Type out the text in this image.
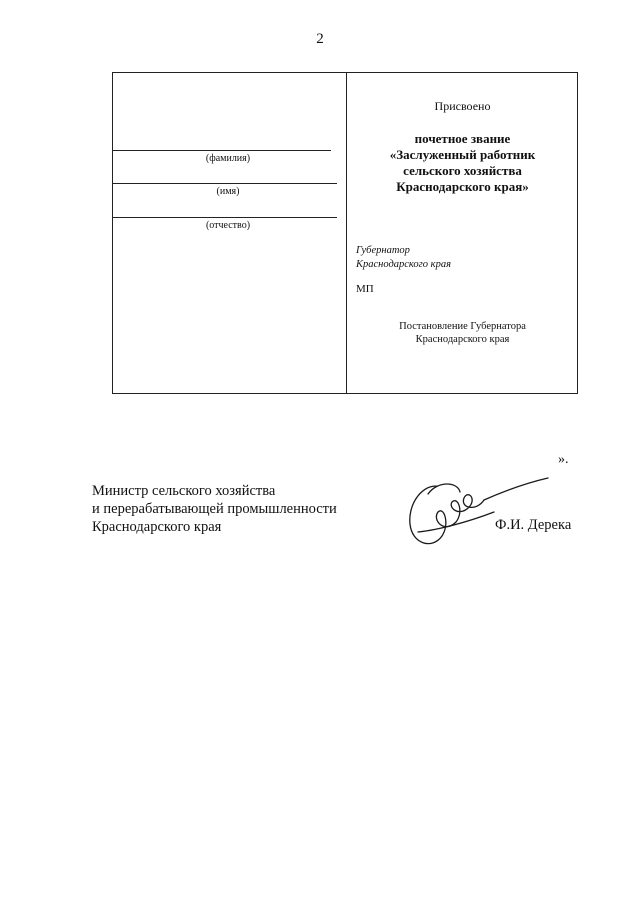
2
(фамилия)
(имя)
(отчество)
Присвоено
почетное звание
«Заслуженный работник
сельского хозяйства
Краснодарского края»
Губернатор
Краснодарского края
МП
Постановление Губернатора
Краснодарского края
».
Министр сельского хозяйства
и перерабатывающей промышленности
Краснодарского края	Ф.И. Дерека
